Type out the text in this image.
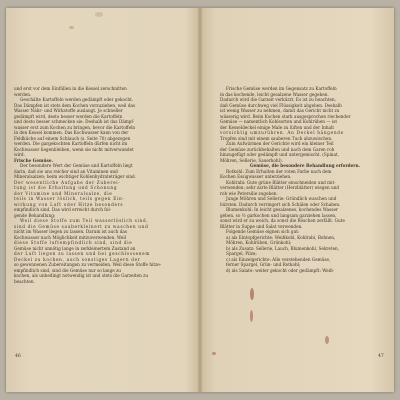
und erst vor dem Einfüllen in die Kessel zerschnitten

werden.

Geschälte Kartoffeln werden gedämpft oder gekocht.

Das Dämpfen ist stets dem Kochen vorzuziehen, weil das

Wasser Nähr- und Wirkstoffe auslaugt. Je schneller

gedämpft wird, desto besser werden die Kartoffeln

und desto besser schmecken sie. Deshalb ist das Dämpf-

wasser erst zum Kochen zu bringen, bevor die Kartoffeln

in den Kessel kommen. Das Kochwasser kann von der

Feldküche auf einem Schlauch (s. Seite 70) abgezogen

werden. Die gargekochten Kartoffeln dürfen nicht im

Kochwasser liegenbleiben, wenn sie nicht mitverwandet

wird.

Frische Gemüse.

Der besondere Wert der Gemüse und Kartoffeln liegt

darin, daß sie uns reicher sind an Vitaminen und

Mineralsalzen; beim wichtiger Kohlenhydrateträger sind.

Der wesentliche Aufgabe der Zuberei-

tung ist die Erhaltung und Schonung

der Vitamine und Mineralsalze, die

teils in Wasser löslich, teils gegen Ein-

wirkung von Luft oder Hitze besonders

empfindlich sind. Das wird erreicht durch fol-

gende Behandlung:

Weil diese Stoffe zum Teil wasserlöslich sind,

sind die Gemüse sauberkleinert zu waschen und

nicht im Wasser liegen zu lassen. Darum ist auch das

Kochwasser nach Möglichkeit mitzuverwenden. Weil

diese Stoffe luftempfindlich sind, sind die

Gemüse nicht unnötig lange in zerkleinertem Zustand an

der Luft liegen zu lassen und bei geschlossenem

Deckel zu kochen, auch sonstiges Lagern der

so gewonnenen Zubereitungen zu vermeiden. Weil diese Stoffe hitze-

empfindlich sind, sind die Gemüse nur so lange zu

kochen, als unbedingt notwendig ist und stets die Garzeiten zu

beachten.

Frische Gemüse werden im Gegensatz zu Kartoffeln

in das kochende, leicht gesalzene Wasser gegeben.

Dadurch wird die Garzeit verkürzt. Es ist zu beachten,

daß Gemüse durchweg viel Flüssigkeit abgeben. Deshalb

ist wenig Wasser zu nehmen, damit das Gericht nicht zu

wässerig wird. Beim Kochen stark ausgesprochen riechender

Gemüse — namentlich Kohlsorten und Kohlrüben — ist

der Kesseldeckel einige Male zu lüften und der Inhalt

vorsichtig umzurühren. An Deckel hängende

Tropfen sind mit einem sauberen Tuch abzuwischen.

Zum Aufwärmen der Gerichte wird ein kleiner Teil

der Gemüse zurückbehalten und nach dem Garen roh

hinzugefügt oder gedämpft und untergemischt. (Spinat,

Möhren, Sellerie, Sauerkohl).

Gemüse, die besondere Behandlung erfordern.

Rotkohl: Zum Erhalten der roten Farbe nach dem

Kochen Essigwasser unterziehen.

Kohlrabi: Gute grüne Blätter einschneiden und mit-

verwenden; sehr zarte Blätter (Herzblätter) wiegen und

roh wie Petersilie zugeben.

Junge Möhren und Sellerie: Gründlich waschen und

bürsten. Dadurch verringert sich Schälen oder Schaben.

Blumenkohl: In leicht gesalzenes, kochendes Wasser

geben, so ½ garkochen und langsam garziehen lassen,

sonst wird er zu weich, da sonst die Röschen zerfällt. Gute

Blätter in Suppe und Salat verwenden.

Folgende Gemüse eignen sich gut:

a) als Eintopfgerichte: Weißkohl, Kohlrabi, Bohnen,

Möhren, Kohlrüben, Grünkohl;

b) als Zusatz: Sellerie, Lauch, Blumenkohl, Sekreten,

Spargel, Pilze;

c) als Einzelgerichte: Alle verstehenden Gemüse,

ferner Spargel, Grün- und Rotkohl;

d) als Salate: weiter gekocht oder gedämpft: Weiß-

46	47
